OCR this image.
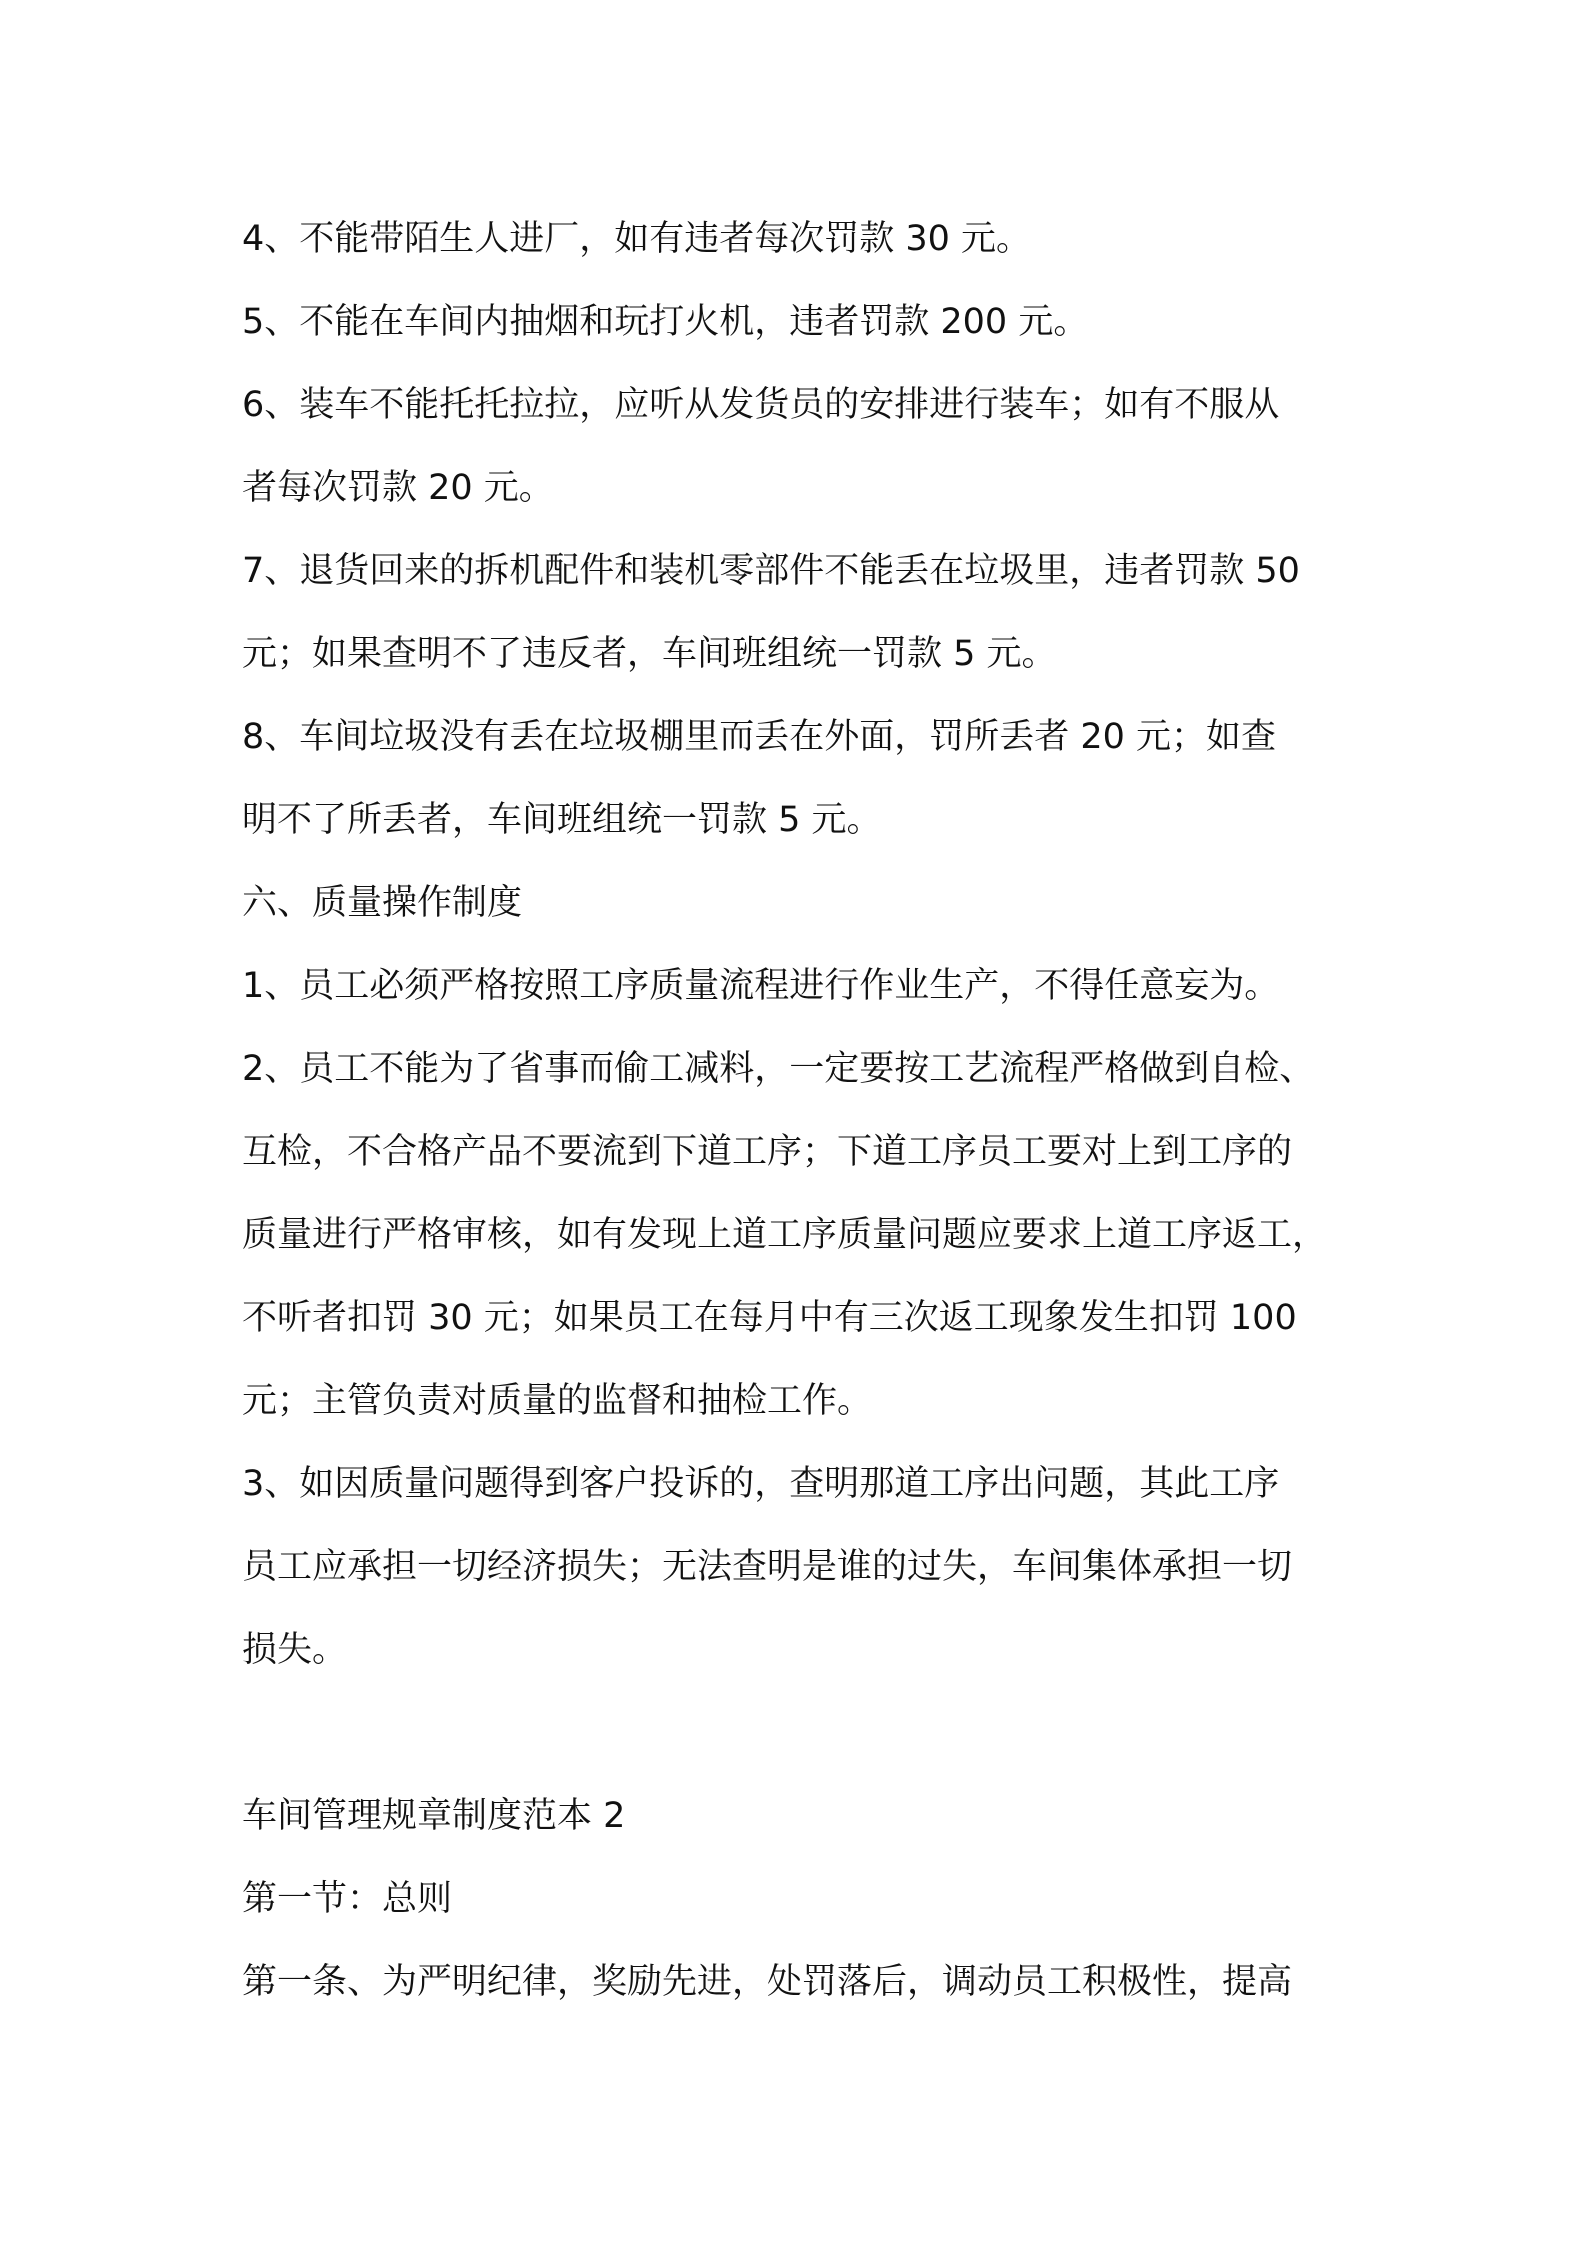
4、不能带陌生人进厂，如有违者每次罚款 30 元。

5、不能在车间内抽烟和玩打火机，违者罚款 200 元。

6、装车不能托托拉拉，应听从发货员的安排进行装车；如有不服从

者每次罚款 20 元。

7、退货回来的拆机配件和装机零部件不能丢在垃圾里，违者罚款 50

元；如果查明不了违反者，车间班组统一罚款 5 元。

8、车间垃圾没有丢在垃圾棚里而丢在外面，罚所丢者 20 元；如查

明不了所丢者，车间班组统一罚款 5 元。

六、质量操作制度

1、员工必须严格按照工序质量流程进行作业生产，不得任意妄为。

2、员工不能为了省事而偷工减料，一定要按工艺流程严格做到自检、

互检，不合格产品不要流到下道工序；下道工序员工要对上到工序的

质量进行严格审核，如有发现上道工序质量问题应要求上道工序返工，

不听者扣罚 30 元；如果员工在每月中有三次返工现象发生扣罚 100

元；主管负责对质量的监督和抽检工作。

3、如因质量问题得到客户投诉的，查明那道工序出问题，其此工序

员工应承担一切经济损失；无法查明是谁的过失，车间集体承担一切

损失。

车间管理规章制度范本 2

第一节：总则

第一条、为严明纪律，奖励先进，处罚落后，调动员工积极性，提高
